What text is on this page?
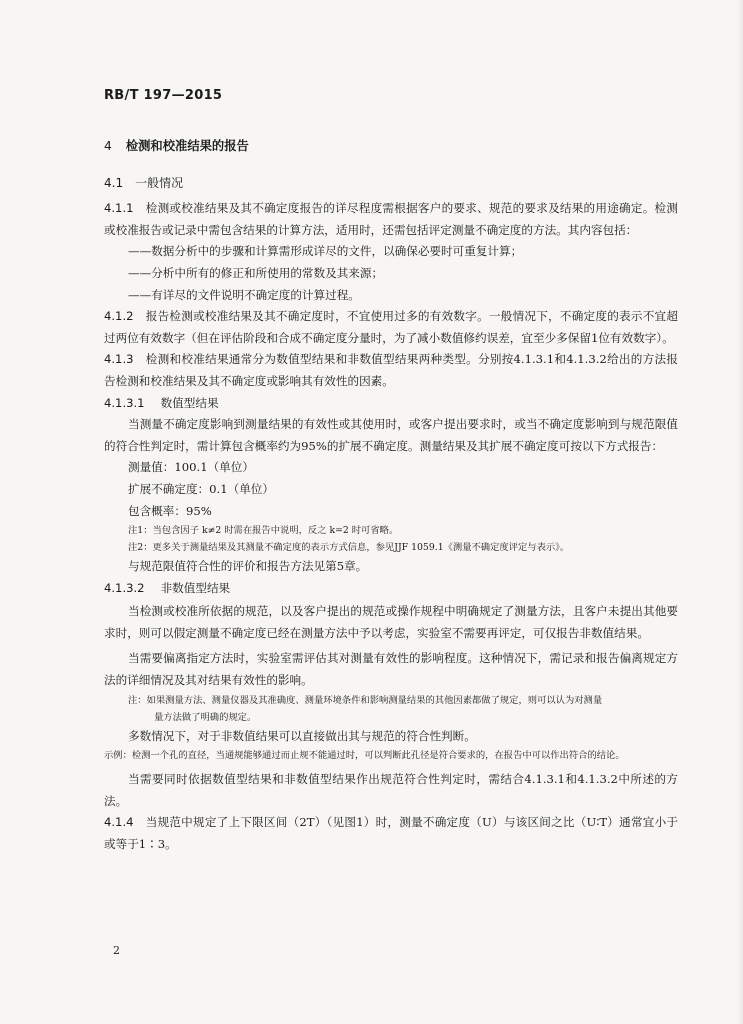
RB/T 197—2015
4 检测和校准结果的报告
4.1 一般情况
4.1.1 检测或校准结果及其不确定度报告的详尽程度需根据客户的要求、规范的要求及结果的用途确定。检测或校准报告或记录中需包含结果的计算方法，适用时，还需包括评定测量不确定度的方法。其内容包括：
——数据分析中的步骤和计算需形成详尽的文件，以确保必要时可重复计算；
——分析中所有的修正和所使用的常数及其来源；
——有详尽的文件说明不确定度的计算过程。
4.1.2 报告检测或校准结果及其不确定度时，不宜使用过多的有效数字。一般情况下，不确定度的表示不宜超过两位有效数字（但在评估阶段和合成不确定度分量时，为了减小数值修约误差，宜至少多保留1位有效数字）。
4.1.3 检测和校准结果通常分为数值型结果和非数值型结果两种类型。分别按4.1.3.1和4.1.3.2给出的方法报告检测和校准结果及其不确定度或影响其有效性的因素。
4.1.3.1 数值型结果
当测量不确定度影响到测量结果的有效性或其使用时，或客户提出要求时，或当不确定度影响到与规范限值的符合性判定时，需计算包含概率约为95%的扩展不确定度。测量结果及其扩展不确定度可按以下方式报告：
测量值：100.1（单位）
扩展不确定度：0.1（单位）
包含概率：95%
注1：当包含因子 k≠2 时需在报告中说明，反之 k=2 时可省略。
注2：更多关于测量结果及其测量不确定度的表示方式信息，参见JJF 1059.1《测量不确定度评定与表示》。
与规范限值符合性的评价和报告方法见第5章。
4.1.3.2 非数值型结果
当检测或校准所依据的规范，以及客户提出的规范或操作规程中明确规定了测量方法，且客户未提出其他要求时，则可以假定测量不确定度已经在测量方法中予以考虑，实验室不需要再评定，可仅报告非数值结果。
当需要偏离指定方法时，实验室需评估其对测量有效性的影响程度。这种情况下，需记录和报告偏离规定方法的详细情况及其对结果有效性的影响。
注：如果测量方法、测量仪器及其准确度、测量环境条件和影响测量结果的其他因素都做了规定，则可以认为对测量
量方法做了明确的规定。
多数情况下，对于非数值结果可以直接做出其与规范的符合性判断。
示例：检测一个孔的直径，当通规能够通过而止规不能通过时，可以判断此孔径是符合要求的，在报告中可以作出符合的结论。
当需要同时依据数值型结果和非数值型结果作出规范符合性判定时，需结合4.1.3.1和4.1.3.2中所述的方法。
4.1.4 当规范中规定了上下限区间（2T）（见图1）时，测量不确定度（U）与该区间之比（U∶T）通常宜小于或等于1∶3。
2
